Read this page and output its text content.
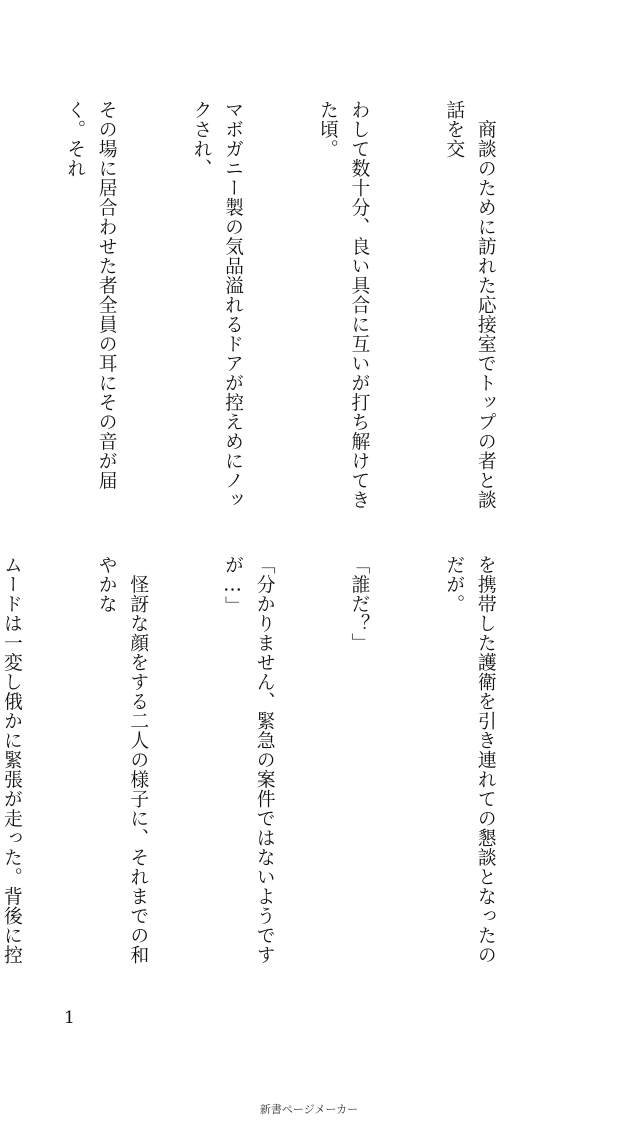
　商談のために訪れた応接室でトップの者と談話を交

わして数十分、良い具合に互いが打ち解けてきた頃。

マボガニー製の気品溢れるドアが控えめにノックされ、

その場に居合わせた者全員の耳にその音が届く。それ

を携帯した護衛を引き連れての懇談となったのだが。

「誰だ？」

「分かりません、緊急の案件ではないようですが…」

　怪訝な顔をする二人の様子に、それまでの和やかな

ムードは一変し俄かに緊張が走った。背後に控

1
新書ページメーカー
